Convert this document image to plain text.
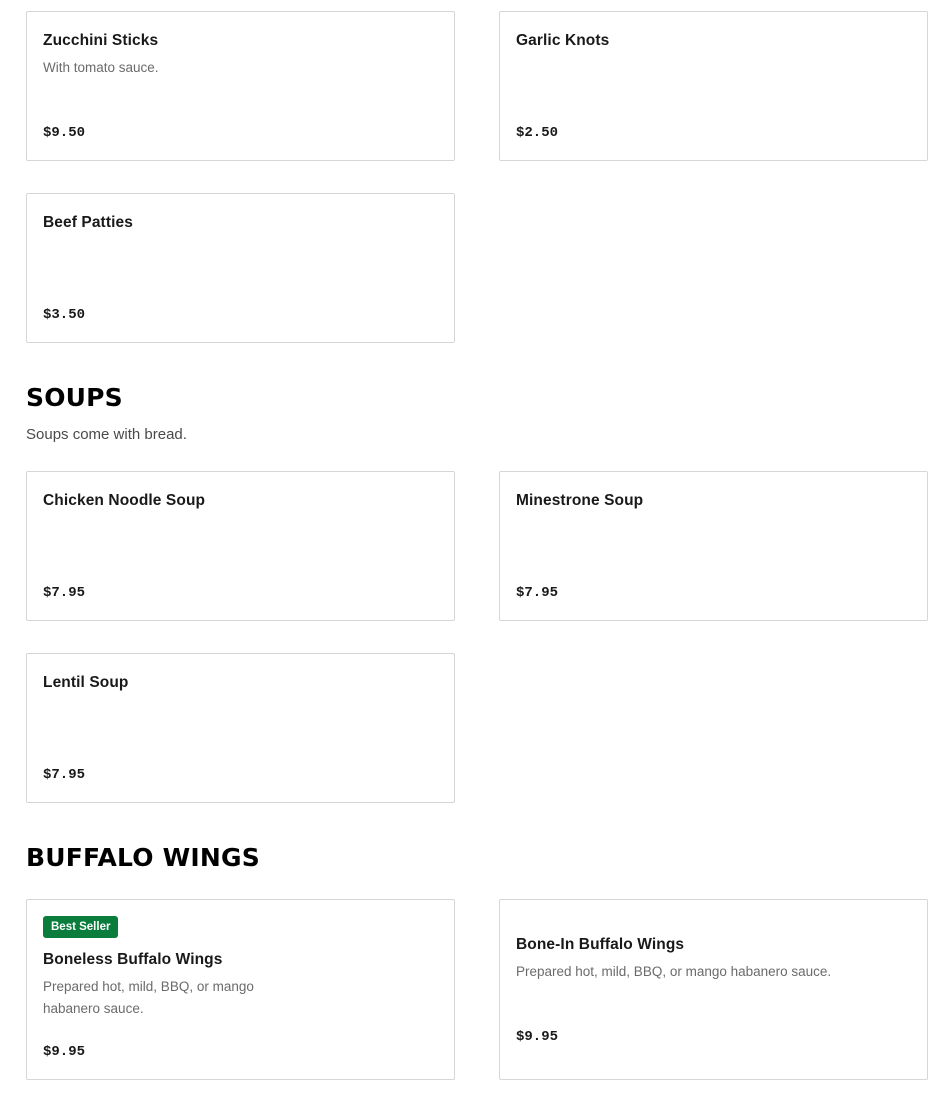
Zucchini Sticks
With tomato sauce.
$9.50
Garlic Knots
$2.50
Beef Patties
$3.50
SOUPS
Soups come with bread.
Chicken Noodle Soup
$7.95
Minestrone Soup
$7.95
Lentil Soup
$7.95
BUFFALO WINGS
Best Seller
Boneless Buffalo Wings
Prepared hot, mild, BBQ, or mango
habanero sauce.
$9.95
Bone-In Buffalo Wings
Prepared hot, mild, BBQ, or mango habanero sauce.
$9.95
